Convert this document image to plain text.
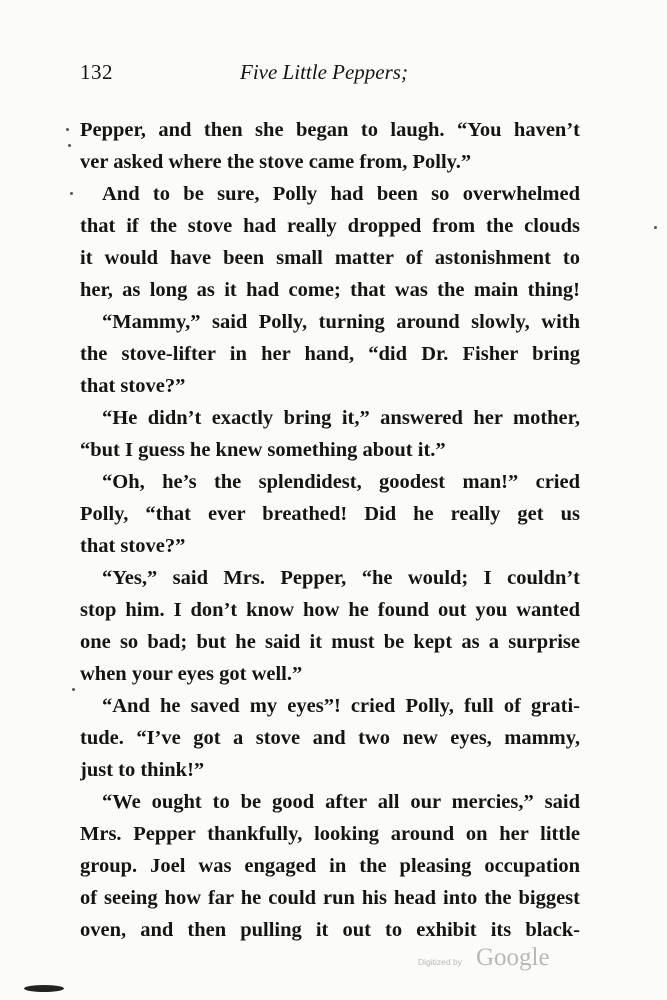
132	Five Little Peppers;
Pepper, and then she began to laugh. “You haven’t
ver asked where the stove came from, Polly.”
And to be sure, Polly had been so overwhelmed
that if the stove had really dropped from the clouds
it would have been small matter of astonishment to
her, as long as it had come; that was the main thing!
“Mammy,” said Polly, turning around slowly, with
the stove-lifter in her hand, “did Dr. Fisher bring
that stove?”
“He didn’t exactly bring it,” answered her mother,
“but I guess he knew something about it.”
“Oh, he’s the splendidest, goodest man!” cried
Polly, “that ever breathed! Did he really get us
that stove?”
“Yes,” said Mrs. Pepper, “he would; I couldn’t
stop him. I don’t know how he found out you wanted
one so bad; but he said it must be kept as a surprise
when your eyes got well.”
“And he saved my eyes”! cried Polly, full of grati-
tude. “I’ve got a stove and two new eyes, mammy,
just to think!”
“We ought to be good after all our mercies,” said
Mrs. Pepper thankfully, looking around on her little
group. Joel was engaged in the pleasing occupation
of seeing how far he could run his head into the biggest
oven, and then pulling it out to exhibit its black-
Digitized by Google
